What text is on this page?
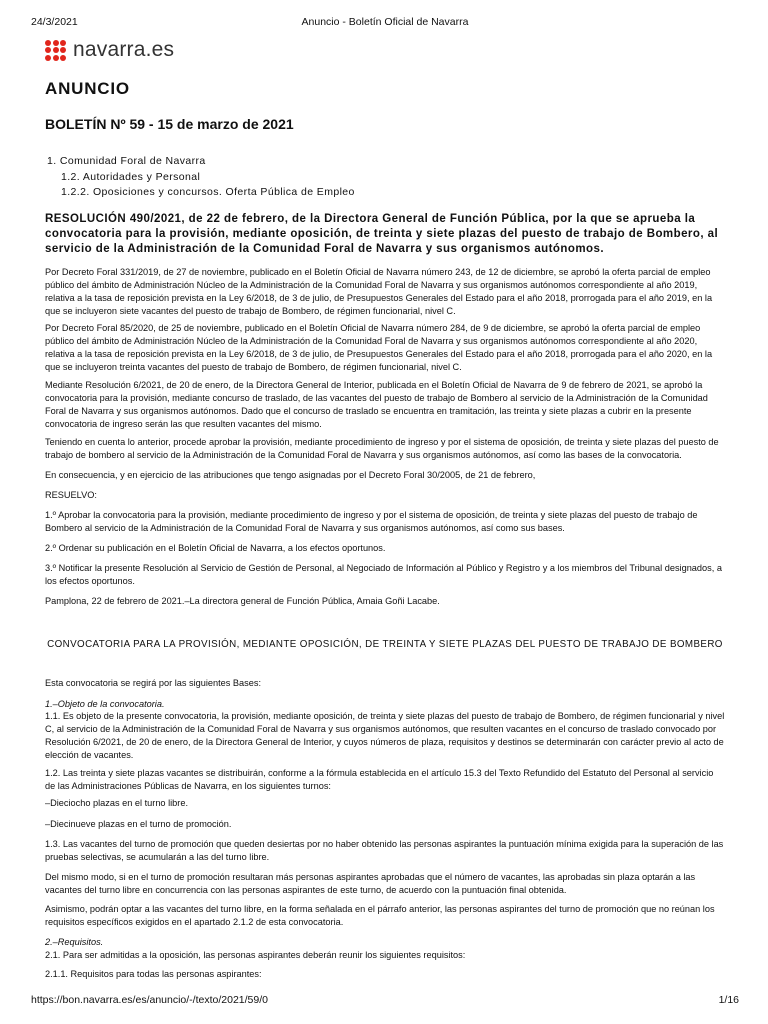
24/3/2021	Anuncio - Boletín Oficial de Navarra
navarra.es
ANUNCIO
BOLETÍN Nº 59 - 15 de marzo de 2021
1. Comunidad Foral de Navarra
1.2. Autoridades y Personal
1.2.2. Oposiciones y concursos. Oferta Pública de Empleo
RESOLUCIÓN 490/2021, de 22 de febrero, de la Directora General de Función Pública, por la que se aprueba la convocatoria para la provisión, mediante oposición, de treinta y siete plazas del puesto de trabajo de Bombero, al servicio de la Administración de la Comunidad Foral de Navarra y sus organismos autónomos.
Por Decreto Foral 331/2019, de 27 de noviembre, publicado en el Boletín Oficial de Navarra número 243, de 12 de diciembre, se aprobó la oferta parcial de empleo público del ámbito de Administración Núcleo de la Administración de la Comunidad Foral de Navarra y sus organismos autónomos correspondiente al año 2019, relativa a la tasa de reposición prevista en la Ley 6/2018, de 3 de julio, de Presupuestos Generales del Estado para el año 2018, prorrogada para el año 2019, en la que se incluyeron siete vacantes del puesto de trabajo de Bombero, de régimen funcionarial, nivel C.
Por Decreto Foral 85/2020, de 25 de noviembre, publicado en el Boletín Oficial de Navarra número 284, de 9 de diciembre, se aprobó la oferta parcial de empleo público del ámbito de Administración Núcleo de la Administración de la Comunidad Foral de Navarra y sus organismos autónomos correspondiente al año 2020, relativa a la tasa de reposición prevista en la Ley 6/2018, de 3 de julio, de Presupuestos Generales del Estado para el año 2018, prorrogada para el año 2020, en la que se incluyeron treinta vacantes del puesto de trabajo de Bombero, de régimen funcionarial, nivel C.
Mediante Resolución 6/2021, de 20 de enero, de la Directora General de Interior, publicada en el Boletín Oficial de Navarra de 9 de febrero de 2021, se aprobó la convocatoria para la provisión, mediante concurso de traslado, de las vacantes del puesto de trabajo de Bombero al servicio de la Administración de la Comunidad Foral de Navarra y sus organismos autónomos. Dado que el concurso de traslado se encuentra en tramitación, las treinta y siete plazas a cubrir en la presente convocatoria de ingreso serán las que resulten vacantes del mismo.
Teniendo en cuenta lo anterior, procede aprobar la provisión, mediante procedimiento de ingreso y por el sistema de oposición, de treinta y siete plazas del puesto de trabajo de bombero al servicio de la Administración de la Comunidad Foral de Navarra y sus organismos autónomos, así como las bases de la convocatoria.
En consecuencia, y en ejercicio de las atribuciones que tengo asignadas por el Decreto Foral 30/2005, de 21 de febrero,
RESUELVO:
1.º Aprobar la convocatoria para la provisión, mediante procedimiento de ingreso y por el sistema de oposición, de treinta y siete plazas del puesto de trabajo de Bombero al servicio de la Administración de la Comunidad Foral de Navarra y sus organismos autónomos, así como sus bases.
2.º Ordenar su publicación en el Boletín Oficial de Navarra, a los efectos oportunos.
3.º Notificar la presente Resolución al Servicio de Gestión de Personal, al Negociado de Información al Público y Registro y a los miembros del Tribunal designados, a los efectos oportunos.
Pamplona, 22 de febrero de 2021.–La directora general de Función Pública, Amaia Goñi Lacabe.
CONVOCATORIA PARA LA PROVISIÓN, MEDIANTE OPOSICIÓN, DE TREINTA Y SIETE PLAZAS DEL PUESTO DE TRABAJO DE BOMBERO
Esta convocatoria se regirá por las siguientes Bases:
1.–Objeto de la convocatoria.
1.1. Es objeto de la presente convocatoria, la provisión, mediante oposición, de treinta y siete plazas del puesto de trabajo de Bombero, de régimen funcionarial y nivel C, al servicio de la Administración de la Comunidad Foral de Navarra y sus organismos autónomos, que resulten vacantes en el concurso de traslado convocado por Resolución 6/2021, de 20 de enero, de la Directora General de Interior, y cuyos números de plaza, requisitos y destinos se determinarán con carácter previo al acto de elección de vacantes.
1.2. Las treinta y siete plazas vacantes se distribuirán, conforme a la fórmula establecida en el artículo 15.3 del Texto Refundido del Estatuto del Personal al servicio de las Administraciones Públicas de Navarra, en los siguientes turnos:
–Dieciocho plazas en el turno libre.
–Diecinueve plazas en el turno de promoción.
1.3. Las vacantes del turno de promoción que queden desiertas por no haber obtenido las personas aspirantes la puntuación mínima exigida para la superación de las pruebas selectivas, se acumularán a las del turno libre.
Del mismo modo, si en el turno de promoción resultaran más personas aspirantes aprobadas que el número de vacantes, las aprobadas sin plaza optarán a las vacantes del turno libre en concurrencia con las personas aspirantes de este turno, de acuerdo con la puntuación final obtenida.
Asimismo, podrán optar a las vacantes del turno libre, en la forma señalada en el párrafo anterior, las personas aspirantes del turno de promoción que no reúnan los requisitos específicos exigidos en el apartado 2.1.2 de esta convocatoria.
2.–Requisitos.
2.1. Para ser admitidas a la oposición, las personas aspirantes deberán reunir los siguientes requisitos:
2.1.1. Requisitos para todas las personas aspirantes:
https://bon.navarra.es/es/anuncio/-/texto/2021/59/0	1/16
